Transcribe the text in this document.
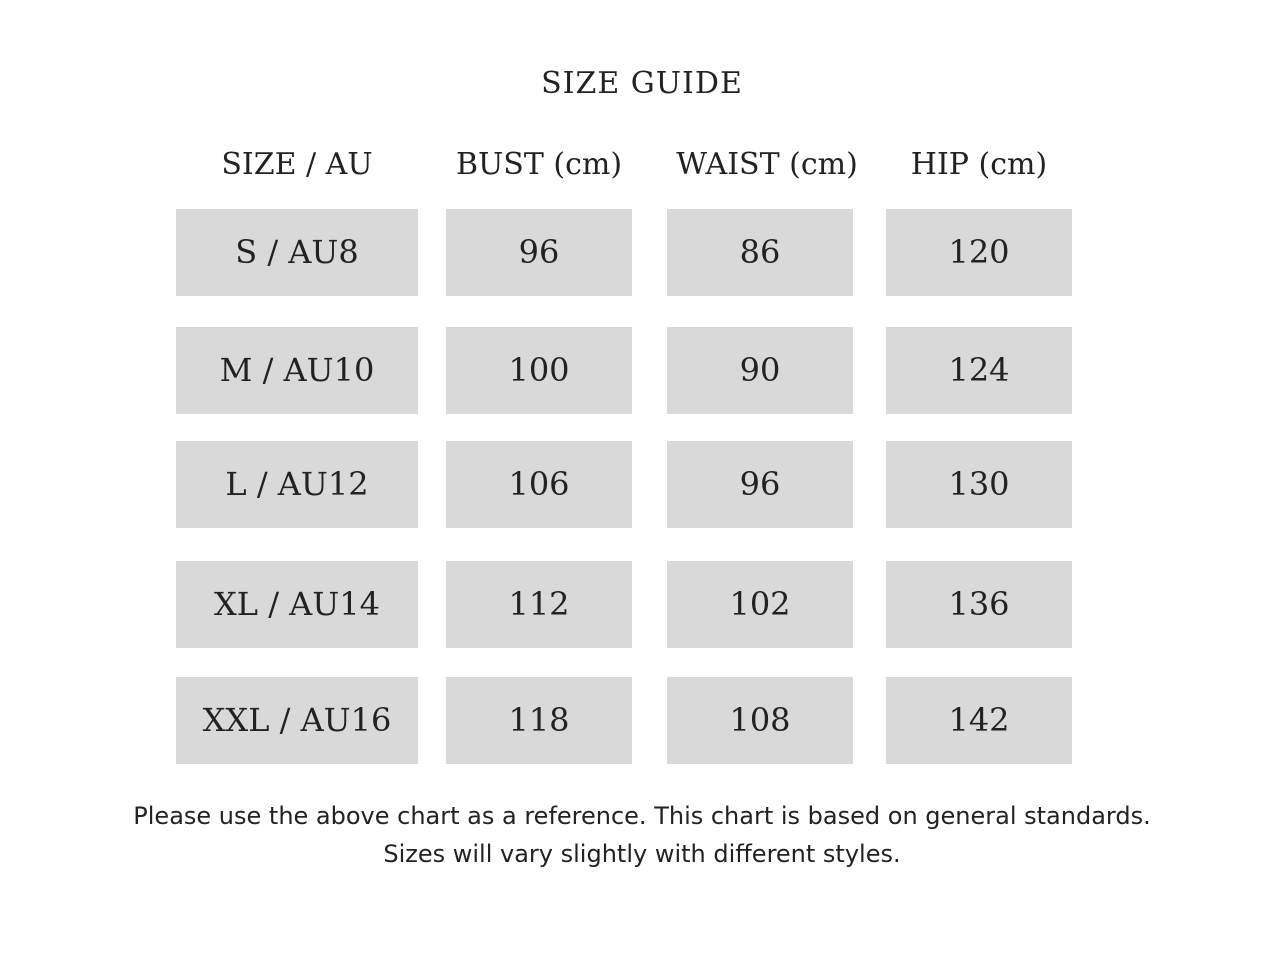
SIZE GUIDE
SIZE / AU	BUST (cm)	WAIST (cm)	HIP (cm)
S / AU8	96	86	120
M / AU10	100	90	124
L / AU12	106	96	130
XL / AU14	112	102	136
XXL / AU16	118	108	142
Please use the above chart as a reference. This chart is based on general standards.
Sizes will vary slightly with different styles.
